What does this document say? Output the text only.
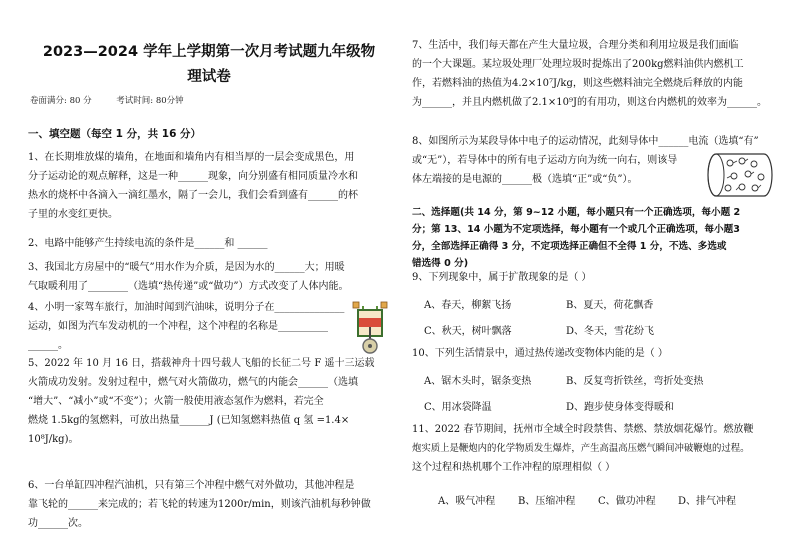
2023—2024 学年上学期第一次月考试题九年级物
理试卷
卷面满分: 80 分	考试时间: 80分钟
一、填空题（每空 1 分，共 16 分）
1、在长期堆放煤的墙角，在地面和墙角内有相当厚的一层会变成黑色，用
分子运动论的观点解释，这是一种______现象，向分别盛有相同质量冷水和
热水的烧杯中各滴入一滴红墨水，隔了一会儿，我们会看到盛有______的杯
子里的水变红更快。
2、电路中能够产生持续电流的条件是______和 ______
3、我国北方房屋中的“暖气”用水作为介质，是因为水的______大；用暖
气取暖利用了________（选填“热传递”或“做功”）方式改变了人体内能。
4、小明一家驾车旅行，加油时闻到汽油味，说明分子在______________
运动，如图为汽车发动机的一个冲程，这个冲程的名称是__________
______。
5、2022 年 10 月 16 日，搭载神舟十四号载人飞船的长征二号 F 遥十三运载
火箭成功发射。发射过程中，燃气对火箭做功，燃气的内能会______（选填
“增大”、“减小”或“不变”）；火箭一般使用液态氢作为燃料，若完全
燃烧 1.5kg的氢燃料，可放出热量______J (已知氢燃料热值 q 氢 =1.4×
10⁸J/kg)。
6、一台单缸四冲程汽油机，只有第三个冲程中燃气对外做功，其他冲程是
靠飞轮的______来完成的；若飞轮的转速为1200r/min，则该汽油机每秒钟做
功______次。
7、生活中，我们每天都在产生大量垃圾，合理分类和利用垃圾是我们面临
的一个大课题。某垃圾处理厂处理垃圾时提炼出了200kg燃料油供内燃机工
作，若燃料油的热值为4.2×10⁷J/kg，则这些燃料油完全燃烧后释放的内能
为______，并且内燃机做了2.1×10⁹J的有用功，则这台内燃机的效率为______。
8、如图所示为某段导体中电子的运动情况，此刻导体中______电流（选填“有”
或“无”），若导体中的所有电子运动方向为统一向右，则该导
体左端接的是电源的______极（选填“正”或“负”）。
二、选择题(共 14 分，第 9~12 小题，每小题只有一个正确选项，每小题 2
分；第 13、14 小题为不定项选择，每小题有一个或几个正确选项，每小题3
分，全部选择正确得 3 分，不定项选择正确但不全得 1 分，不选、多选或
错选得 0 分)
9、下列现象中，属于扩散现象的是（ ）
A、春天，柳絮飞扬	B、夏天，荷花飘香
C、秋天，树叶飘落	D、冬天，雪花纷飞
10、下列生活情景中，通过热传递改变物体内能的是（ ）
A、锯木头时，锯条变热	B、反复弯折铁丝，弯折处变热
C、用冰袋降温	D、跑步使身体变得暖和
11、2022 春节期间，抚州市全域全时段禁售、禁燃、禁放烟花爆竹。燃放鞭
炮实质上是鞭炮内的化学物质发生爆炸，产生高温高压燃气瞬间冲破鞭炮的过程。
这个过程和热机哪个工作冲程的原理相似（ ）
A、吸气冲程 B、压缩冲程 C、做功冲程 D、排气冲程
